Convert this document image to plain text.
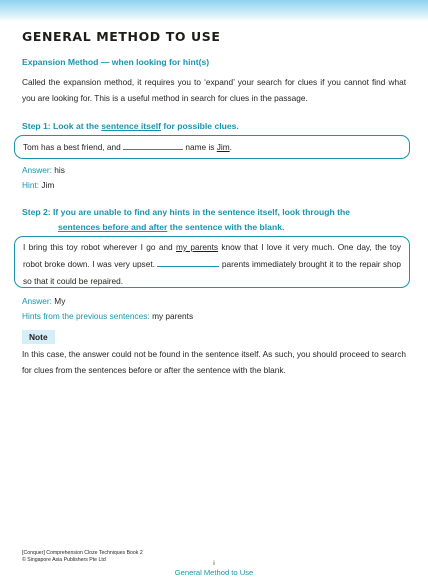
GENERAL METHOD TO USE
Expansion Method — when looking for hint(s)
Called the expansion method, it requires you to ‘expand’ your search for clues if you cannot find what you are looking for. This is a useful method in search for clues in the passage.
Step 1: Look at the sentence itself for possible clues.
Tom has a best friend, and	name is Jim.
Answer: his
Hint: Jim
Step 2: If you are unable to find any hints in the sentence itself, look through the
sentences before and after the sentence with the blank.
I bring this toy robot wherever I go and my parents know that I love it very much. One day, the toy robot broke down. I was very upset.	parents immediately brought it to the repair shop so that it could be repaired.
Answer: My
Hints from the previous sentences: my parents
Note
In this case, the answer could not be found in the sentence itself. As such, you should proceed to search for clues from the sentences before or after the sentence with the blank.
[Conquer] Comprehension Cloze Techniques Book 2
© Singapore Asia Publishers Pte Ltd	i
General Method to Use
